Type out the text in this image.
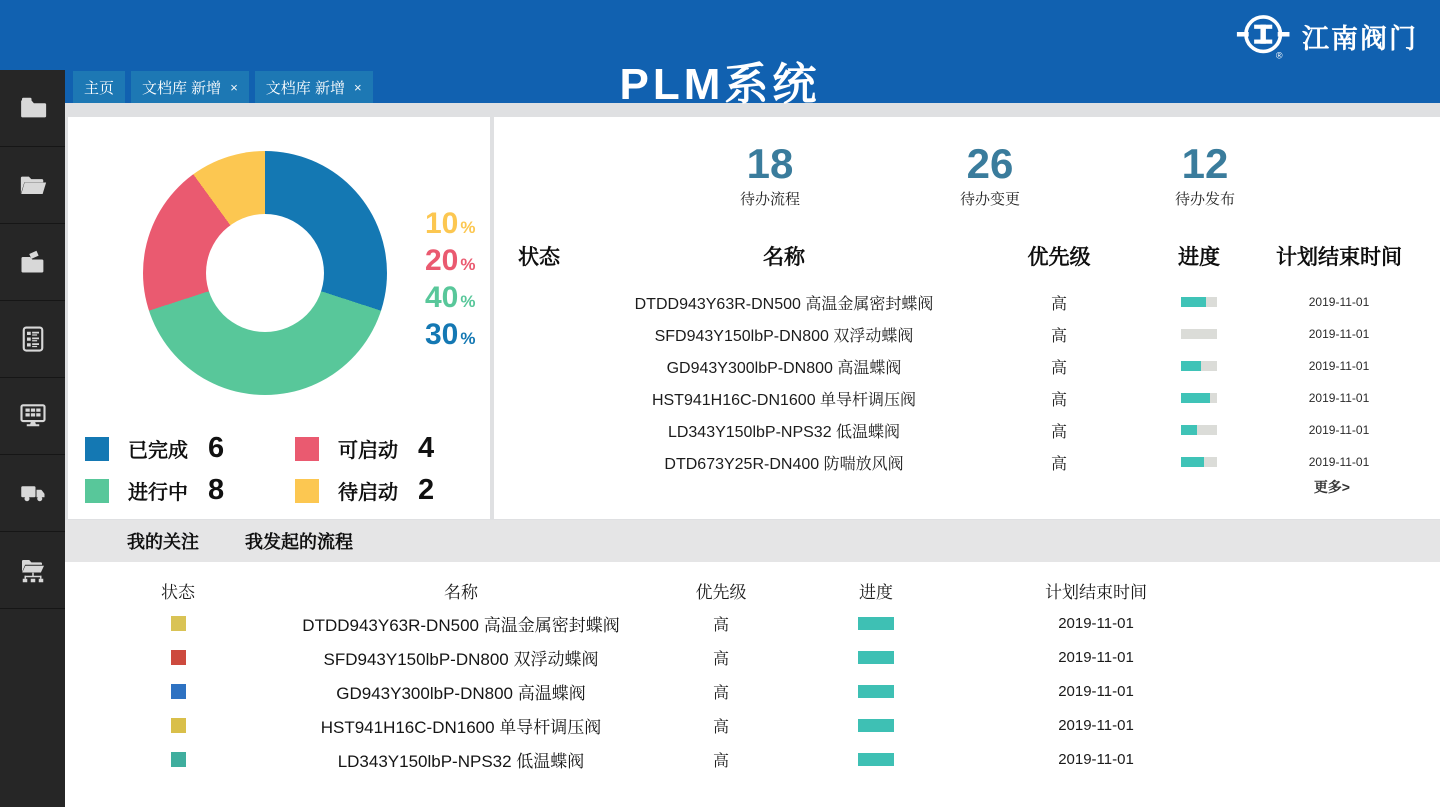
PLM系统
®
江南阀门
主页 文档库 新增 × 文档库 新增 ×
10 %
20 %
40 %
30 %
已完成 6	可启动 4
进行中 8	待启动 2
18
待办流程
26
待办变更
12
待办发布
状态	名称	优先级	进度	计划结束时间
DTDD943Y63R-DN500 高温金属密封蝶阀	高	2019-11-01
SFD943Y150lbP-DN800 双浮动蝶阀	高	2019-11-01
GD943Y300lbP-DN800 高温蝶阀	高	2019-11-01
HST941H16C-DN1600 单导杆调压阀	高	2019-11-01
LD343Y150lbP-NPS32 低温蝶阀	高	2019-11-01
DTD673Y25R-DN400 防喘放风阀	高	2019-11-01
更多>
我的关注	我发起的流程
状态	名称	优先级	进度	计划结束时间
DTDD943Y63R-DN500 高温金属密封蝶阀	高	2019-11-01
SFD943Y150lbP-DN800 双浮动蝶阀	高	2019-11-01
GD943Y300lbP-DN800 高温蝶阀	高	2019-11-01
HST941H16C-DN1600 单导杆调压阀	高	2019-11-01
LD343Y150lbP-NPS32 低温蝶阀	高	2019-11-01
